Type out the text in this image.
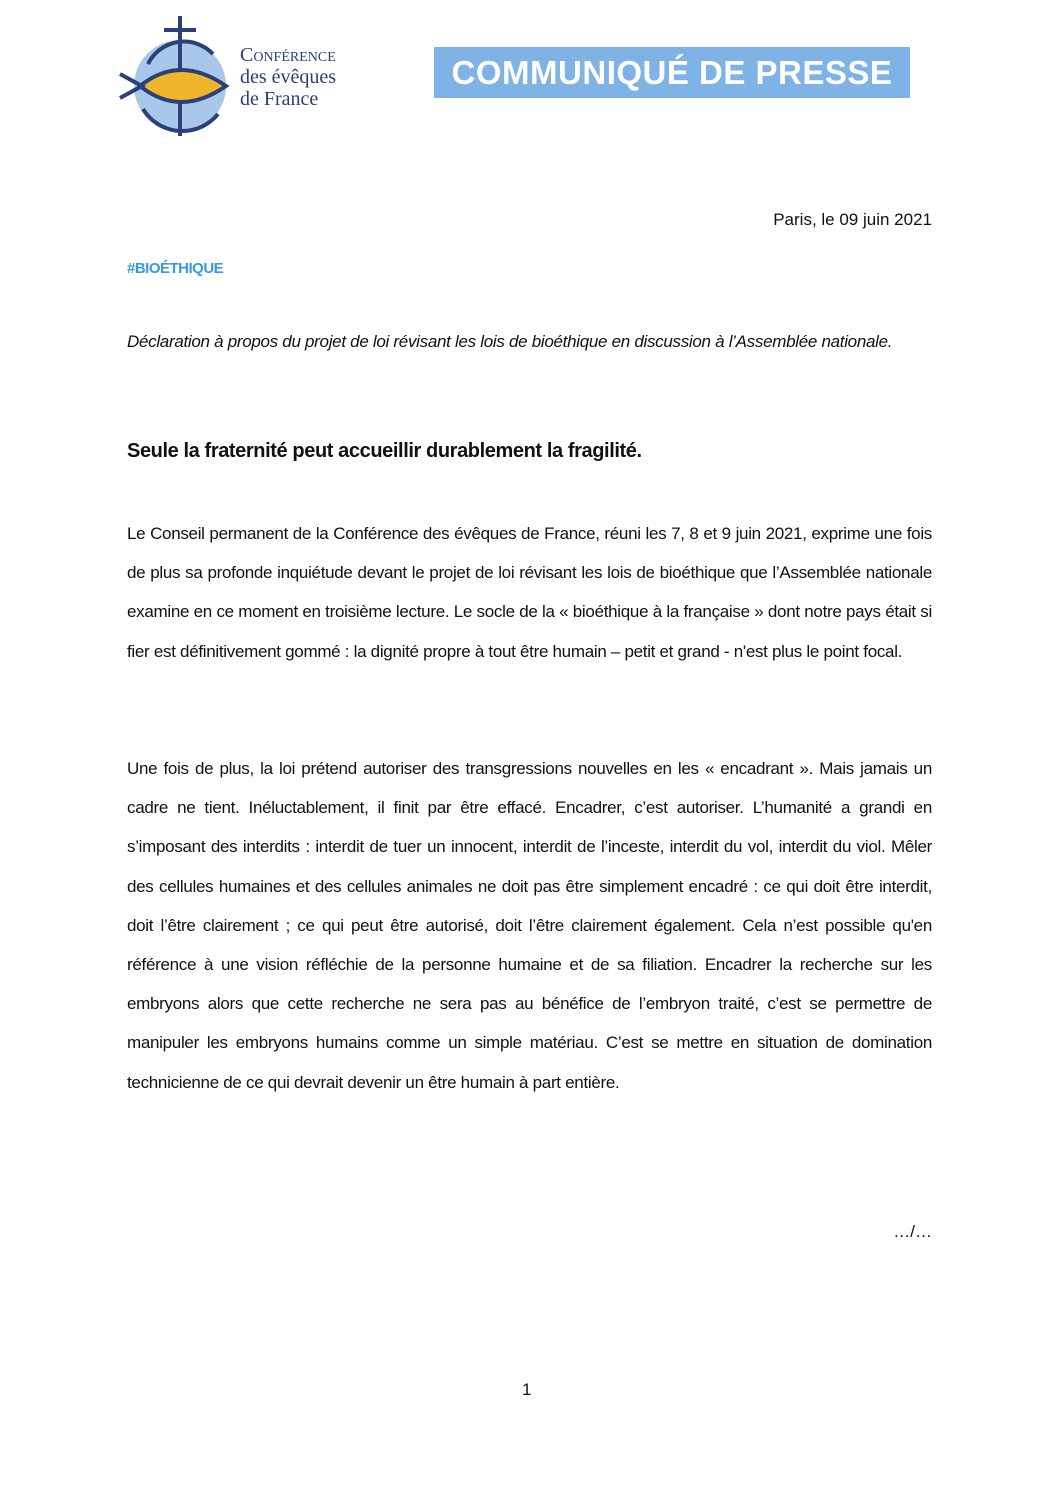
Conférence
des évêques
de France
COMMUNIQUÉ DE PRESSE
Paris, le 09 juin 2021
#BIOÉTHIQUE
Déclaration à propos du projet de loi révisant les lois de bioéthique en discussion à l’Assemblée nationale.
Seule la fraternité peut accueillir durablement la fragilité.
Le Conseil permanent de la Conférence des évêques de France, réuni les 7, 8 et 9 juin 2021, exprime une fois de plus sa profonde inquiétude devant le projet de loi révisant les lois de bioéthique que l’Assemblée nationale examine en ce moment en troisième lecture. Le socle de la « bioéthique à la française » dont notre pays était si fier est définitivement gommé : la dignité propre à tout être humain – petit et grand - n'est plus le point focal.
Une fois de plus, la loi prétend autoriser des transgressions nouvelles en les « encadrant ». Mais jamais un cadre ne tient. Inéluctablement, il finit par être effacé. Encadrer, c’est autoriser. L’humanité a grandi en s’imposant des interdits : interdit de tuer un innocent, interdit de l’inceste, interdit du vol, interdit du viol. Mêler des cellules humaines et des cellules animales ne doit pas être simplement encadré : ce qui doit être interdit, doit l’être clairement ; ce qui peut être autorisé, doit l’être clairement également. Cela n’est possible qu'en référence à une vision réfléchie de la personne humaine et de sa filiation. Encadrer la recherche sur les embryons alors que cette recherche ne sera pas au bénéfice de l’embryon traité, c’est se permettre de manipuler les embryons humains comme un simple matériau. C’est se mettre en situation de domination technicienne de ce qui devrait devenir un être humain à part entière.
…/…
1
